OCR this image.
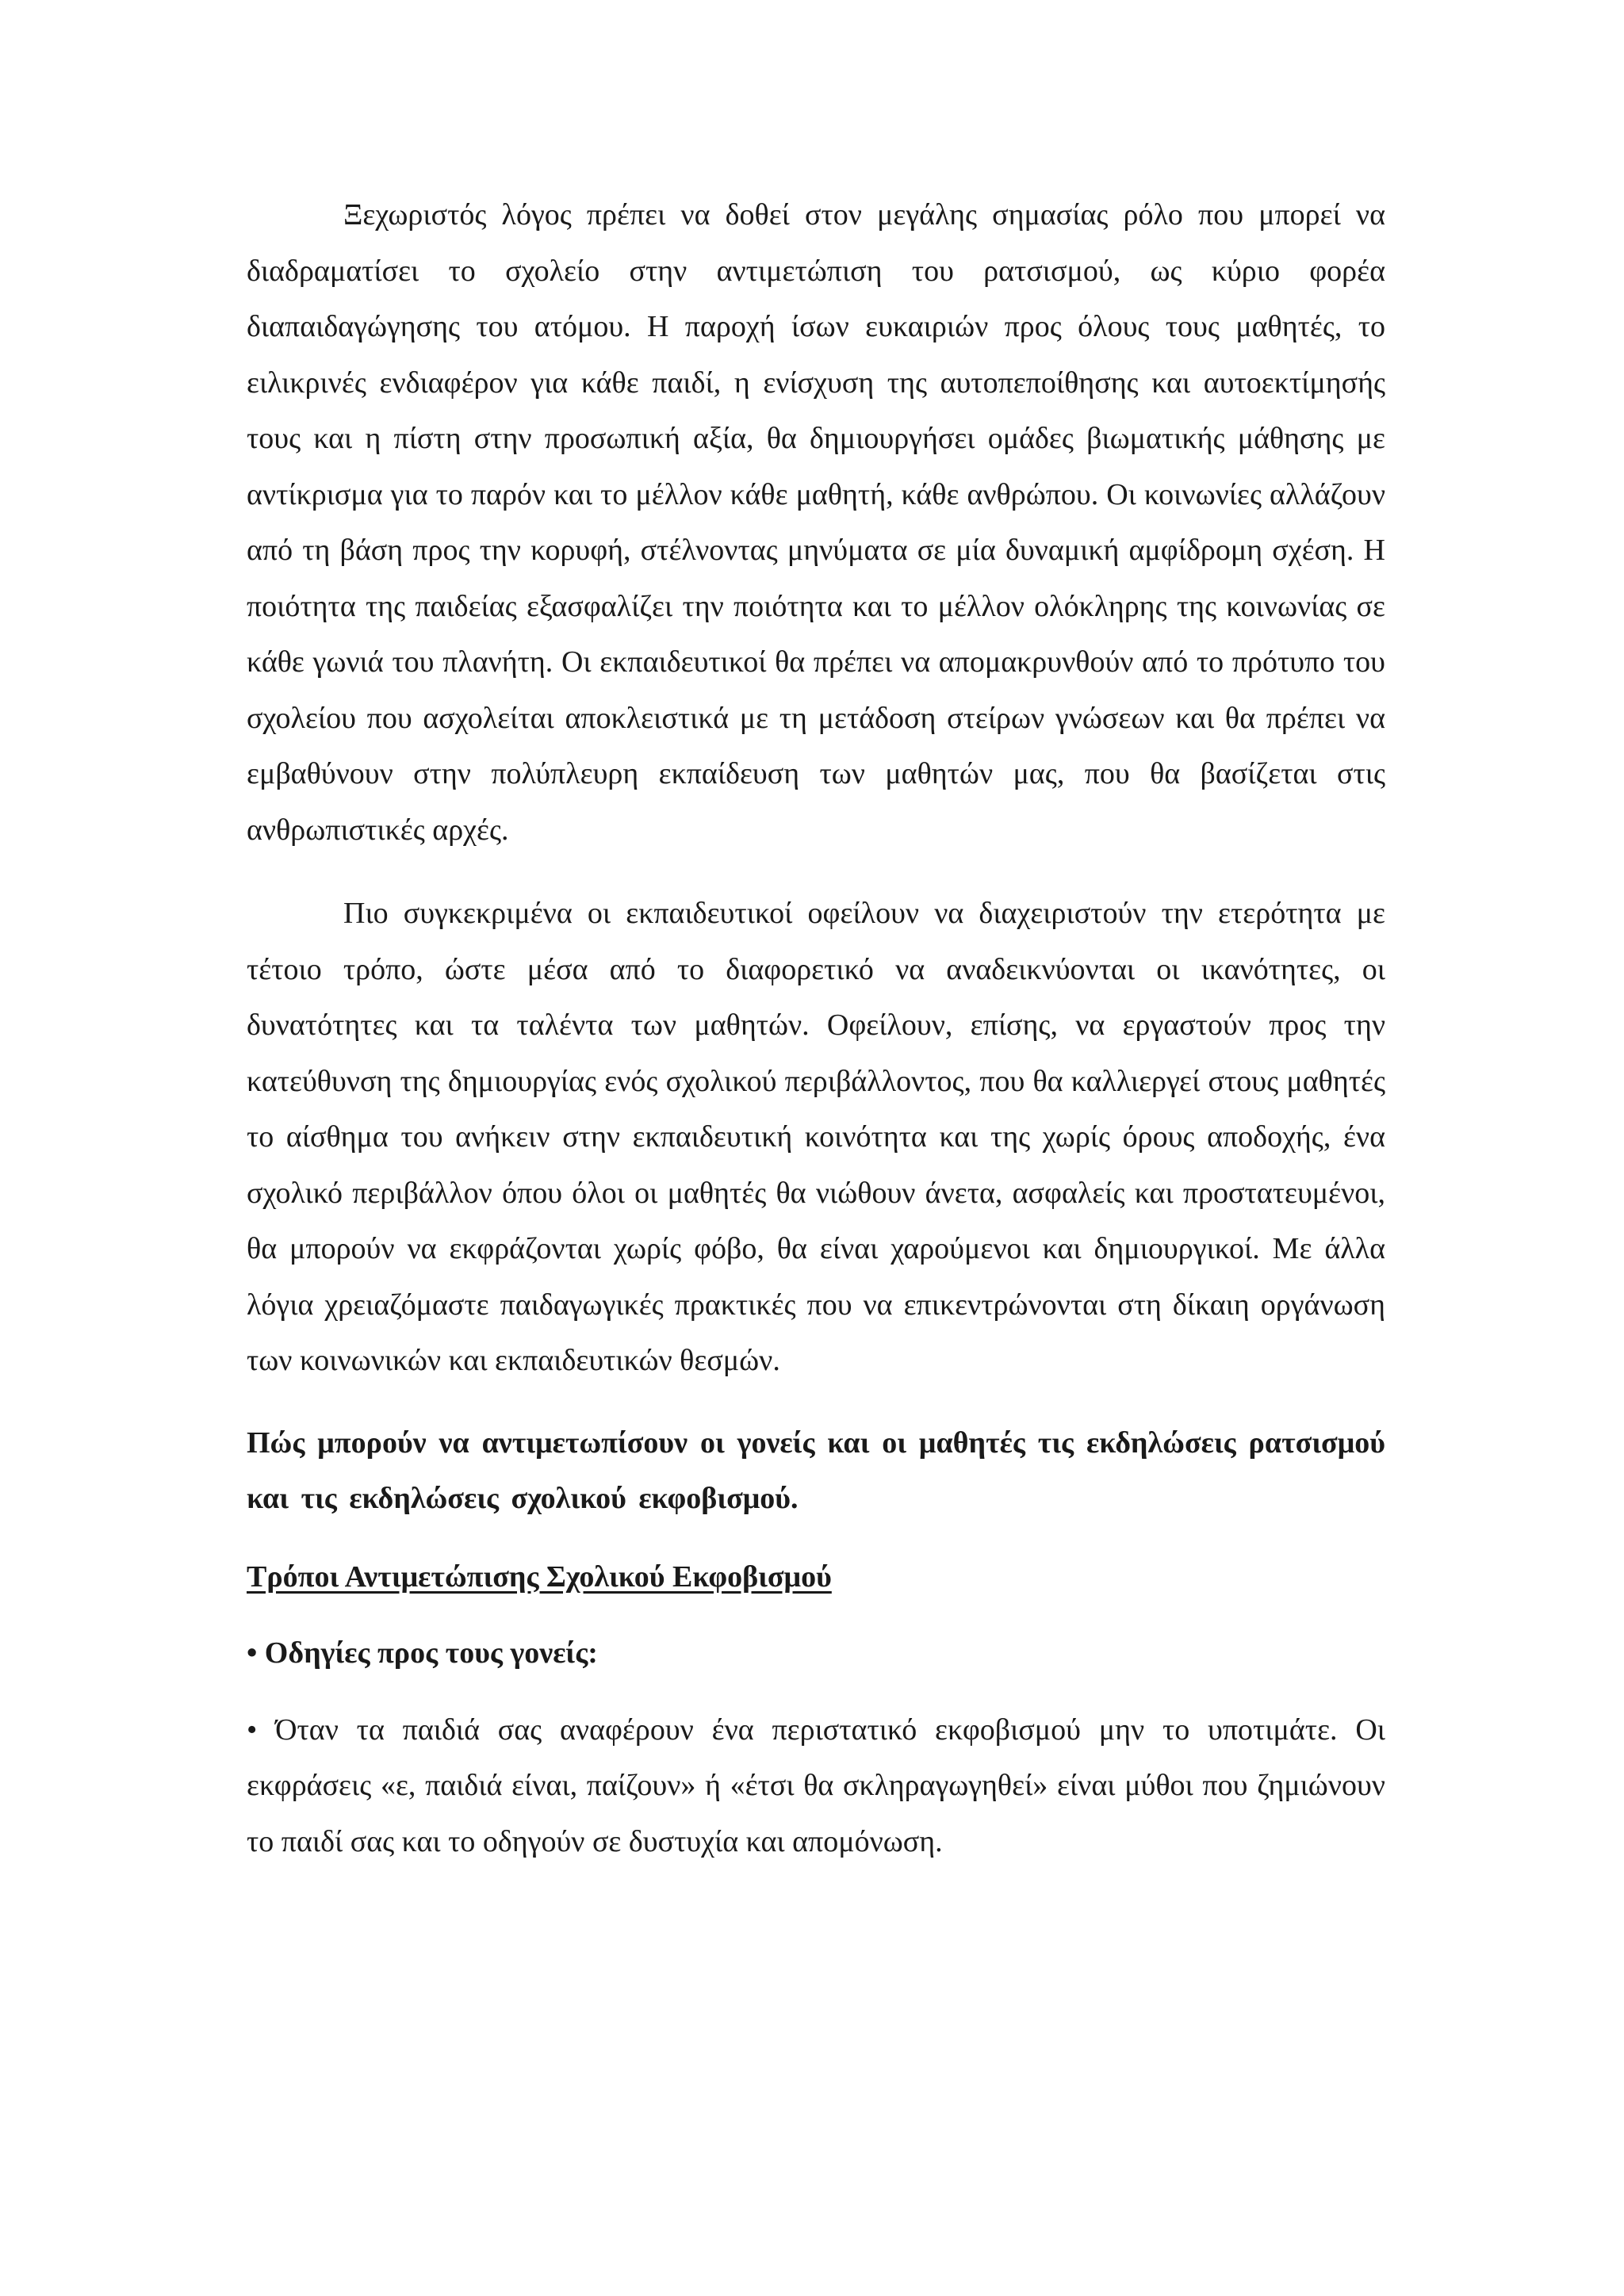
Ξεχωριστός λόγος πρέπει να δοθεί στον μεγάλης σημασίας ρόλο που μπορεί να διαδραματίσει το σχολείο στην αντιμετώπιση του ρατσισμού, ως κύριο φορέα διαπαιδαγώγησης του ατόμου. Η παροχή ίσων ευκαιριών προς όλους τους μαθητές, το ειλικρινές ενδιαφέρον για κάθε παιδί, η ενίσχυση της αυτοπεποίθησης και αυτοεκτίμησής τους και η πίστη στην προσωπική αξία, θα δημιουργήσει ομάδες βιωματικής μάθησης με αντίκρισμα για το παρόν και το μέλλον κάθε μαθητή, κάθε ανθρώπου. Οι κοινωνίες αλλάζουν από τη βάση προς την κορυφή, στέλνοντας μηνύματα σε μία δυναμική αμφίδρομη σχέση. Η ποιότητα της παιδείας εξασφαλίζει την ποιότητα και το μέλλον ολόκληρης της κοινωνίας σε κάθε γωνιά του πλανήτη. Οι εκπαιδευτικοί θα πρέπει να απομακρυνθούν από το πρότυπο του σχολείου που ασχολείται αποκλειστικά με τη μετάδοση στείρων γνώσεων και θα πρέπει να εμβαθύνουν στην πολύπλευρη εκπαίδευση των μαθητών μας, που θα βασίζεται στις ανθρωπιστικές αρχές.

Πιο συγκεκριμένα οι εκπαιδευτικοί οφείλουν να διαχειριστούν την ετερότητα με τέτοιο τρόπο, ώστε μέσα από το διαφορετικό να αναδεικνύονται οι ικανότητες, οι δυνατότητες και τα ταλέντα των μαθητών. Οφείλουν, επίσης, να εργαστούν προς την κατεύθυνση της δημιουργίας ενός σχολικού περιβάλλοντος, που θα καλλιεργεί στους μαθητές το αίσθημα του ανήκειν στην εκπαιδευτική κοινότητα και της χωρίς όρους αποδοχής, ένα σχολικό περιβάλλον όπου όλοι οι μαθητές θα νιώθουν άνετα, ασφαλείς και προστατευμένοι, θα μπορούν να εκφράζονται χωρίς φόβο, θα είναι χαρούμενοι και δημιουργικοί. Με άλλα λόγια χρειαζόμαστε παιδαγωγικές πρακτικές που να επικεντρώνονται στη δίκαιη οργάνωση των κοινωνικών και εκπαιδευτικών θεσμών.

Πώς μπορούν να αντιμετωπίσουν οι γονείς και οι μαθητές τις εκδηλώσεις ρατσισμού και τις εκδηλώσεις σχολικού εκφοβισμού.

Τρόποι Αντιμετώπισης Σχολικού Εκφοβισμού

• Οδηγίες προς τους γονείς:

• Όταν τα παιδιά σας αναφέρουν ένα περιστατικό εκφοβισμού μην το υποτιμάτε. Οι εκφράσεις «ε, παιδιά είναι, παίζουν» ή «έτσι θα σκληραγωγηθεί» είναι μύθοι που ζημιώνουν το παιδί σας και το οδηγούν σε δυστυχία και απομόνωση.
